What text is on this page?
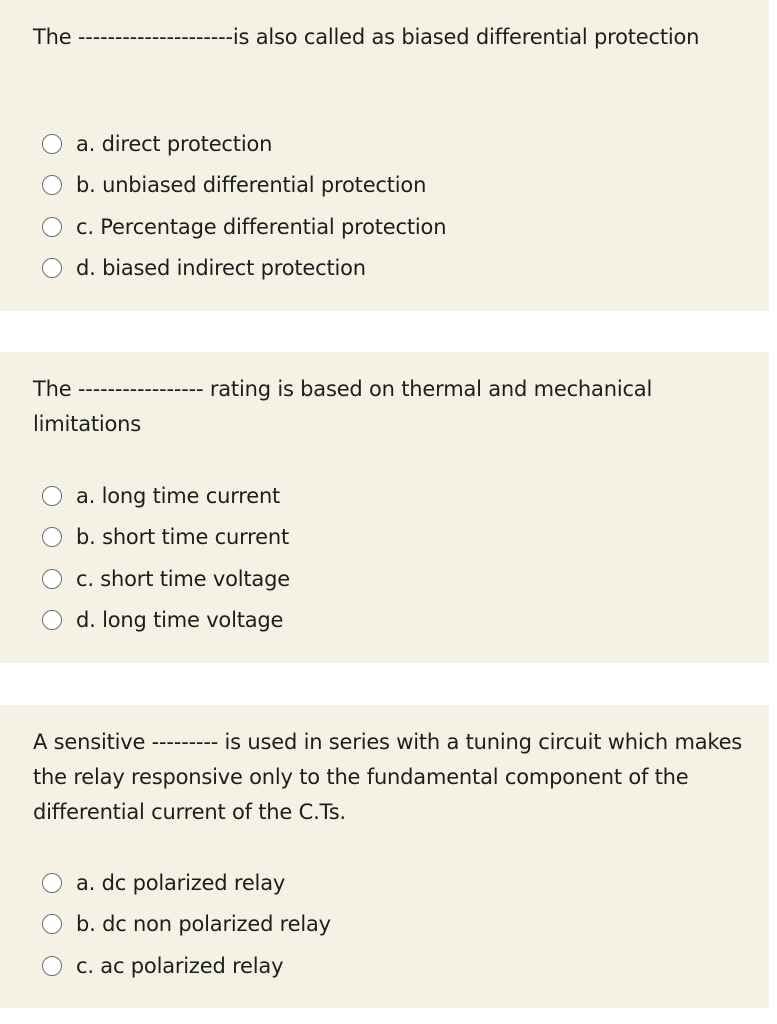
The ---------------------is also called as biased differential protection

a. direct protection
b. unbiased differential protection
c. Percentage differential protection
d. biased indirect protection

The ----------------- rating is based on thermal and mechanical limitations

a. long time current
b. short time current
c. short time voltage
d. long time voltage

A sensitive --------- is used in series with a tuning circuit which makes the relay responsive only to the fundamental component of the differential current of the C.Ts.

a. dc polarized relay
b. dc non polarized relay
c. ac polarized relay
